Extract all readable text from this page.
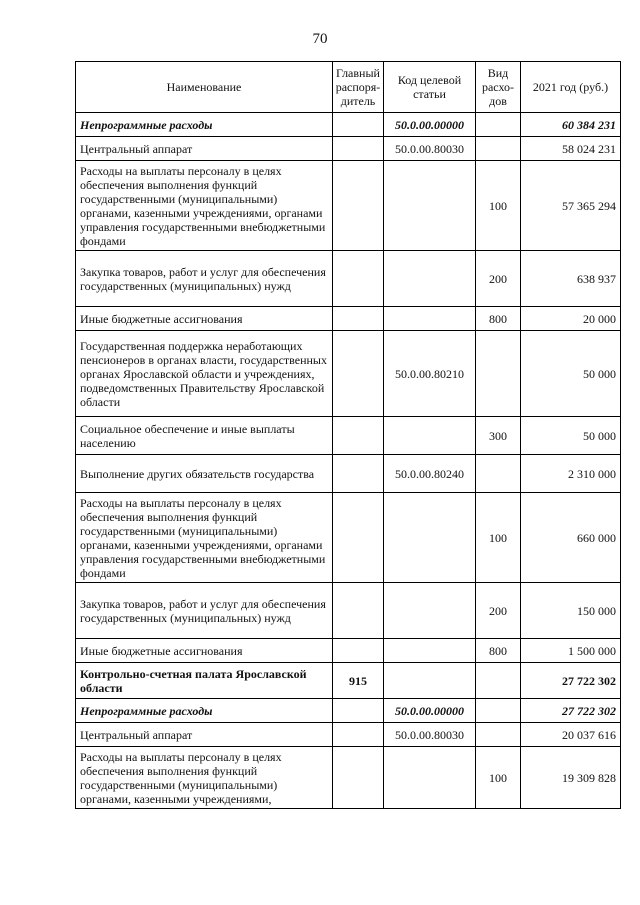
70
Наименование	Главный распоря-дитель	Код целевой статьи	Вид расхо-дов	2021 год (руб.)
Непрограммные расходы		50.0.00.00000		60 384 231
Центральный аппарат		50.0.00.80030		58 024 231
Расходы на выплаты персоналу в целях обеспечения выполнения функций государственными (муниципальными) органами, казенными учреждениями, органами управления государственными внебюджетными фондами			100	57 365 294
Закупка товаров, работ и услуг для обеспечения государственных (муниципальных) нужд			200	638 937
Иные бюджетные ассигнования			800	20 000
Государственная поддержка неработающих пенсионеров в органах власти, государственных органах Ярославской области и учреждениях, подведомственных Правительству Ярославской области		50.0.00.80210		50 000
Социальное обеспечение и иные выплаты населению			300	50 000
Выполнение других обязательств государства		50.0.00.80240		2 310 000
Расходы на выплаты персоналу в целях обеспечения выполнения функций государственными (муниципальными) органами, казенными учреждениями, органами управления государственными внебюджетными фондами			100	660 000
Закупка товаров, работ и услуг для обеспечения государственных (муниципальных) нужд			200	150 000
Иные бюджетные ассигнования			800	1 500 000
Контрольно-счетная палата Ярославской области	915			27 722 302
Непрограммные расходы		50.0.00.00000		27 722 302
Центральный аппарат		50.0.00.80030		20 037 616
Расходы на выплаты персоналу в целях обеспечения выполнения функций государственными (муниципальными) органами, казенными учреждениями,			100	19 309 828
